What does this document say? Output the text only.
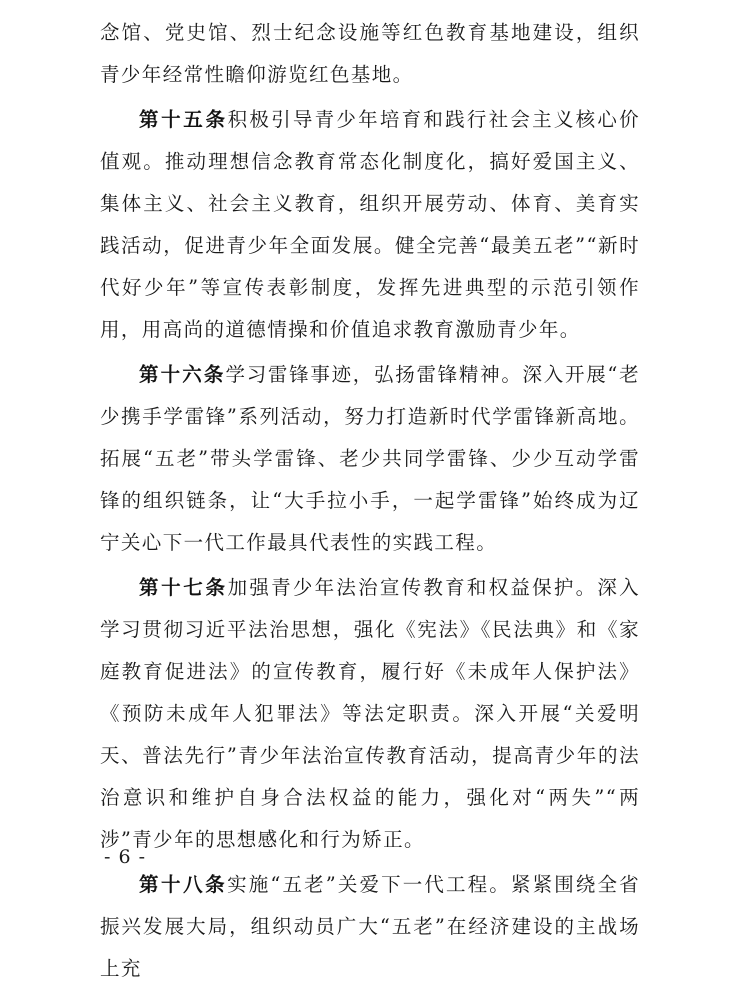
念馆、党史馆、烈士纪念设施等红色教育基地建设，组织青少年经常性瞻仰游览红色基地。

第十五条积极引导青少年培育和践行社会主义核心价值观。推动理想信念教育常态化制度化，搞好爱国主义、集体主义、社会主义教育，组织开展劳动、体育、美育实践活动，促进青少年全面发展。健全完善“最美五老”“新时代好少年”等宣传表彰制度，发挥先进典型的示范引领作用，用高尚的道德情操和价值追求教育激励青少年。

第十六条学习雷锋事迹，弘扬雷锋精神。深入开展“老少携手学雷锋”系列活动，努力打造新时代学雷锋新高地。拓展“五老”带头学雷锋、老少共同学雷锋、少少互动学雷锋的组织链条，让“大手拉小手，一起学雷锋”始终成为辽宁关心下一代工作最具代表性的实践工程。

第十七条加强青少年法治宣传教育和权益保护。深入学习贯彻习近平法治思想，强化《宪法》《民法典》和《家庭教育促进法》的宣传教育，履行好《未成年人保护法》《预防未成年人犯罪法》等法定职责。深入开展“关爱明天、普法先行”青少年法治宣传教育活动，提高青少年的法治意识和维护自身合法权益的能力，强化对“两失”“两涉”青少年的思想感化和行为矫正。

第十八条实施“五老”关爱下一代工程。紧紧围绕全省振兴发展大局，组织动员广大“五老”在经济建设的主战场上充

- 6 -
